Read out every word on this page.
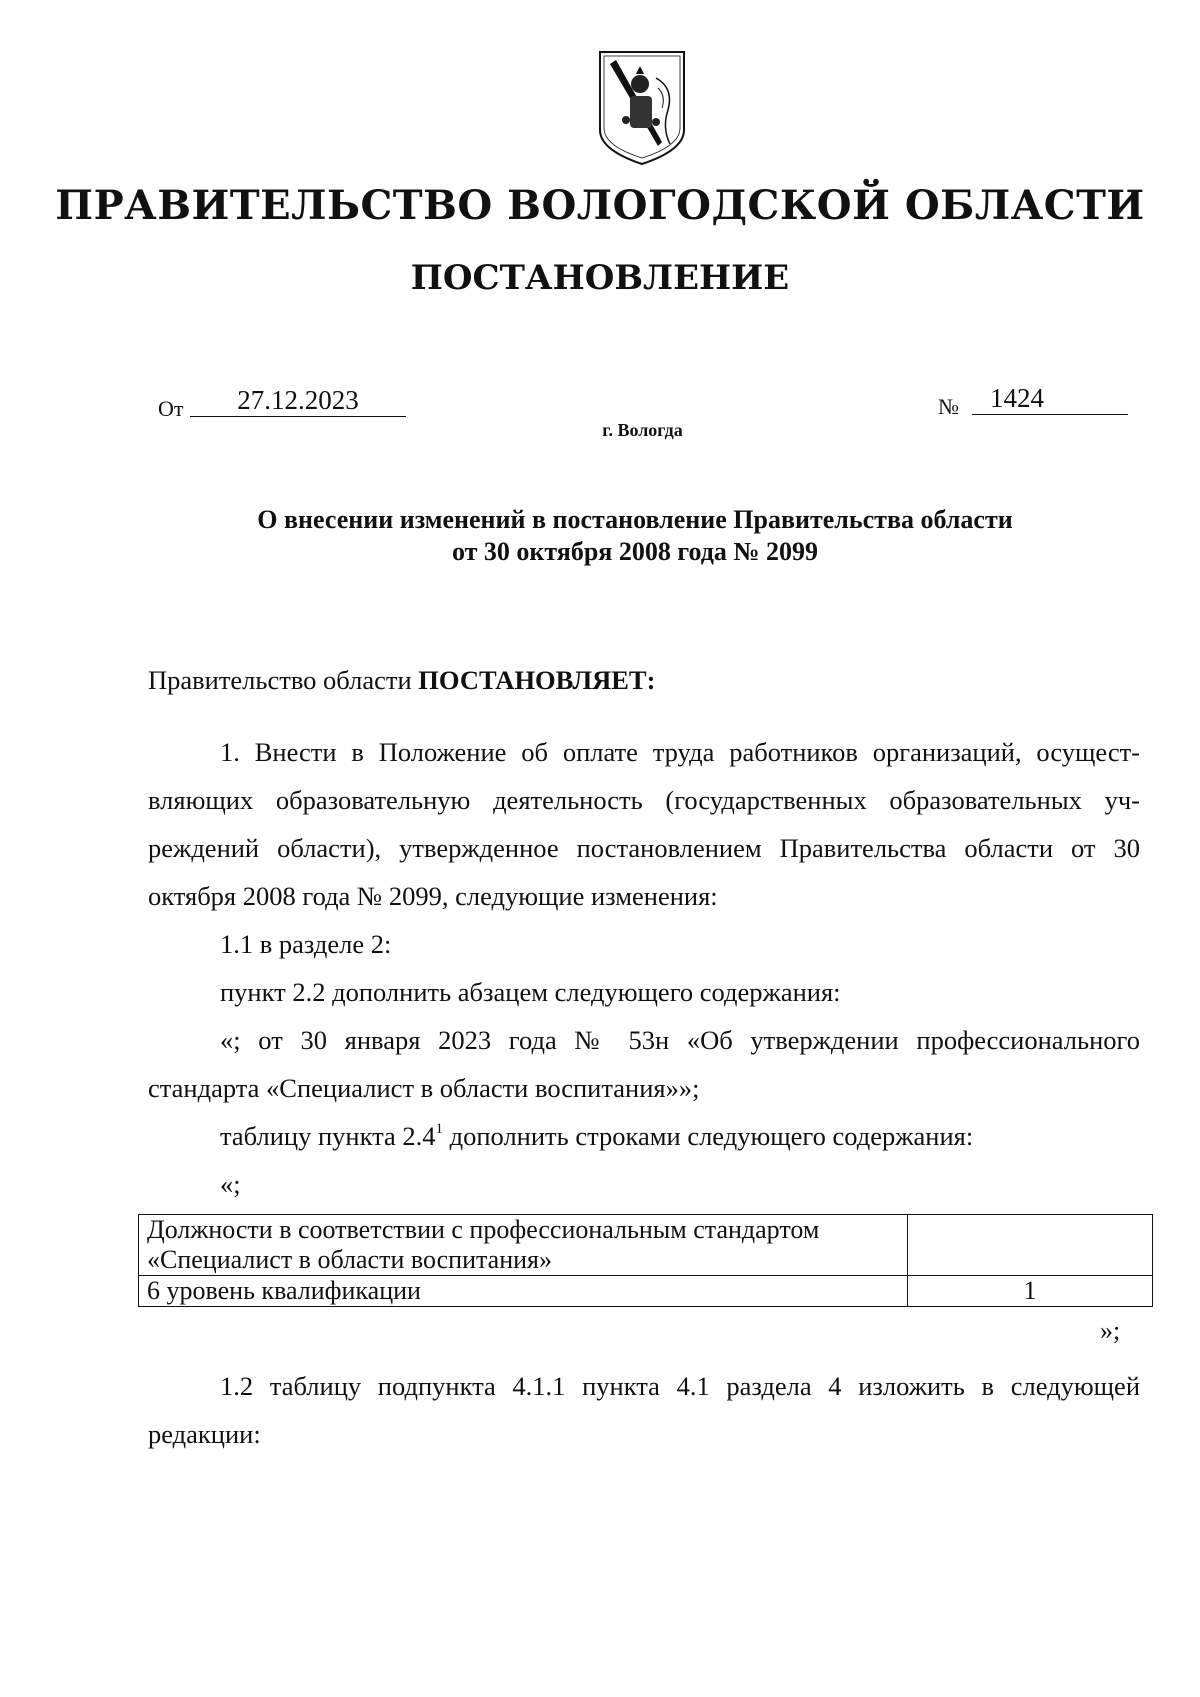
ПРАВИТЕЛЬСТВО ВОЛОГОДСКОЙ ОБЛАСТИ
ПОСТАНОВЛЕНИЕ
От	27.12.2023	№	1424
г. Вологда
О внесении изменений в постановление Правительства области
от 30 октября 2008 года № 2099
Правительство области ПОСТАНОВЛЯЕТ:
1. Внести в Положение об оплате труда работников организаций, осущест-
вляющих образовательную деятельность (государственных образовательных уч-
реждений области), утвержденное постановлением Правительства области от 30
октября 2008 года № 2099, следующие изменения:
1.1 в разделе 2:
пункт 2.2 дополнить абзацем следующего содержания:
«; от 30 января 2023 года № 53н «Об утверждении профессионального
стандарта «Специалист в области воспитания»»;
таблицу пункта $2.4^1$ дополнить строками следующего содержания:
«;
Должности в соответствии с профессиональным стандартом
«Специалист в области воспитания»	

6 уровень квалификации	1
»;
1.2 таблицу подпункта 4.1.1 пункта 4.1 раздела 4 изложить в следующей
редакции:
